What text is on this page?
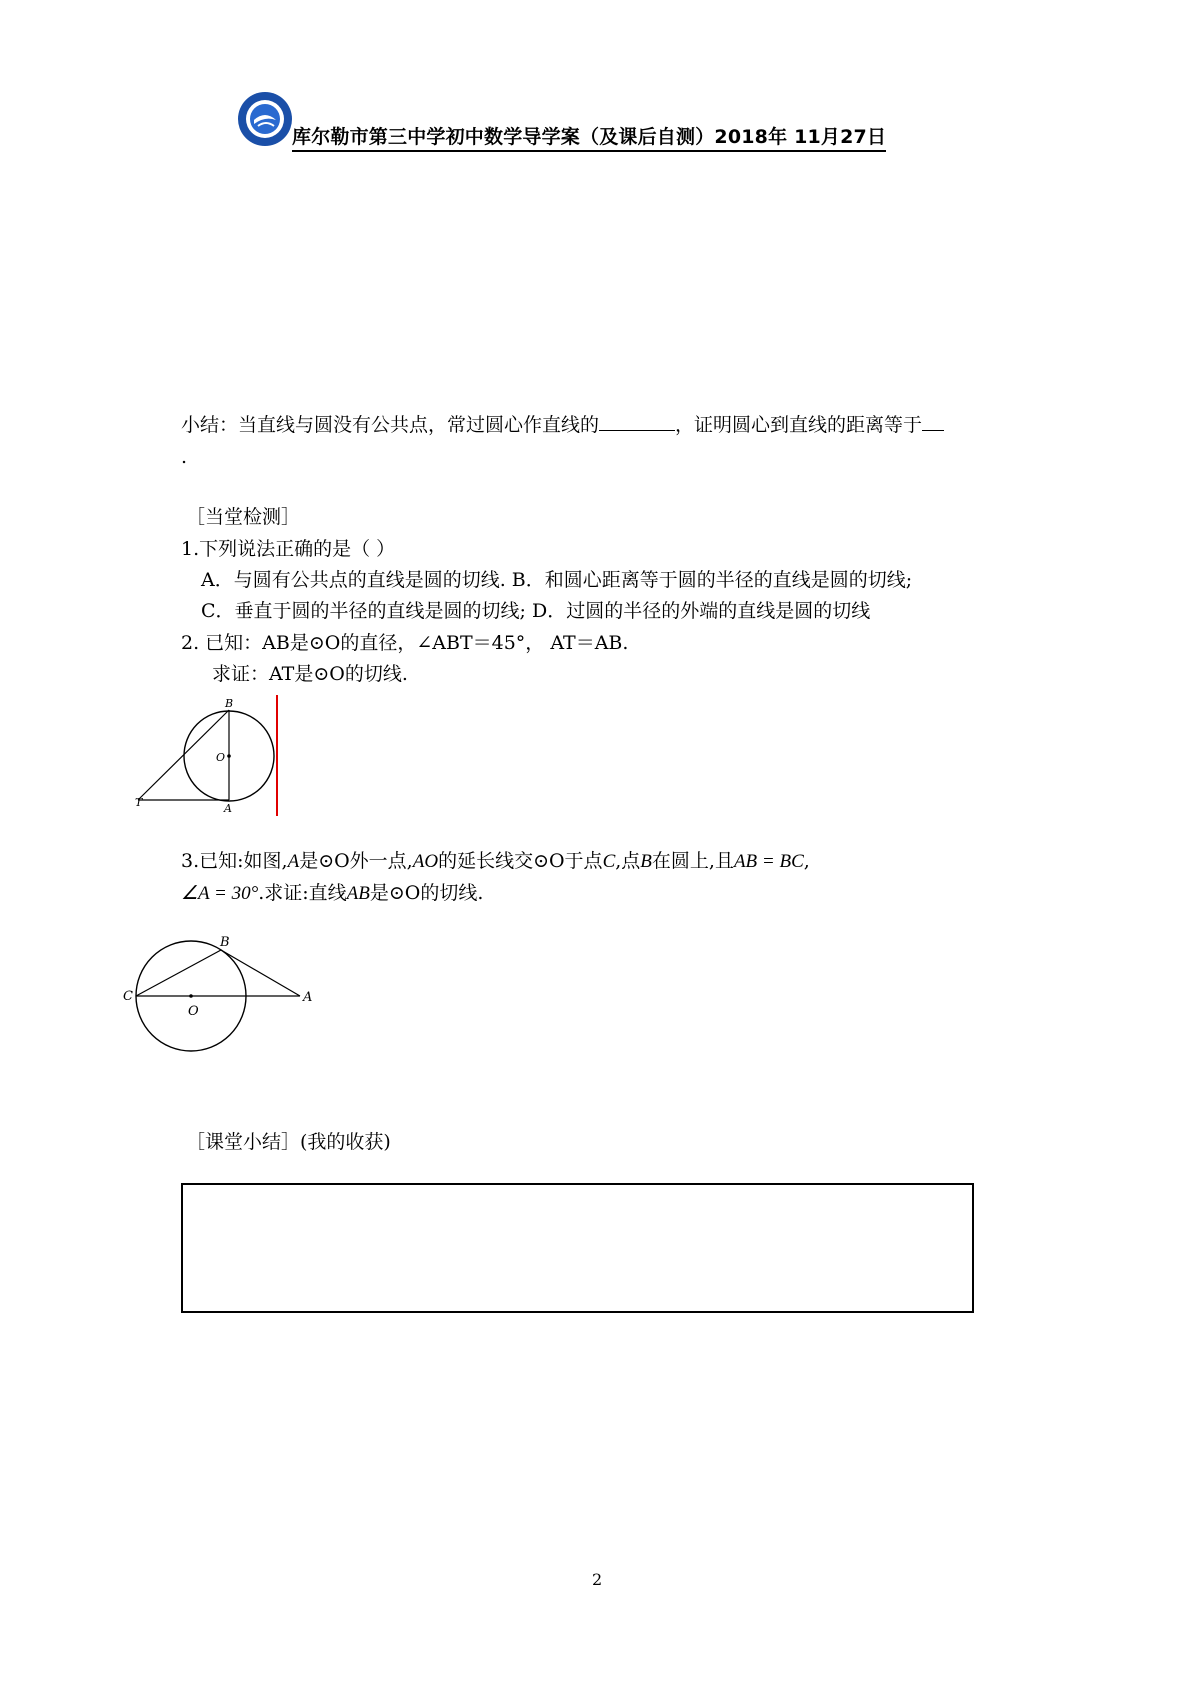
库尔勒市第三中学初中数学导学案（及课后自测）2018年 11月27日
小结：当直线与圆没有公共点，常过圆心作直线的	，证明圆心到直线的距离等于
.
［当堂检测］
1.下列说法正确的是（ ）
A．与圆有公共点的直线是圆的切线. B．和圆心距离等于圆的半径的直线是圆的切线;
C．垂直于圆的半径的直线是圆的切线; D．过圆的半径的外端的直线是圆的切线
2. 已知：AB是⊙O的直径，∠ABT＝45°， AT＝AB.
求证：AT是⊙O的切线.
B
O
T	A
3.已知:如图,A是⊙O外一点,AO的延长线交⊙O于点C,点B在圆上,且AB = BC,
∠A = 30°.求证:直线AB是⊙O的切线.
B
C
O
A
［课堂小结］(我的收获)
2
